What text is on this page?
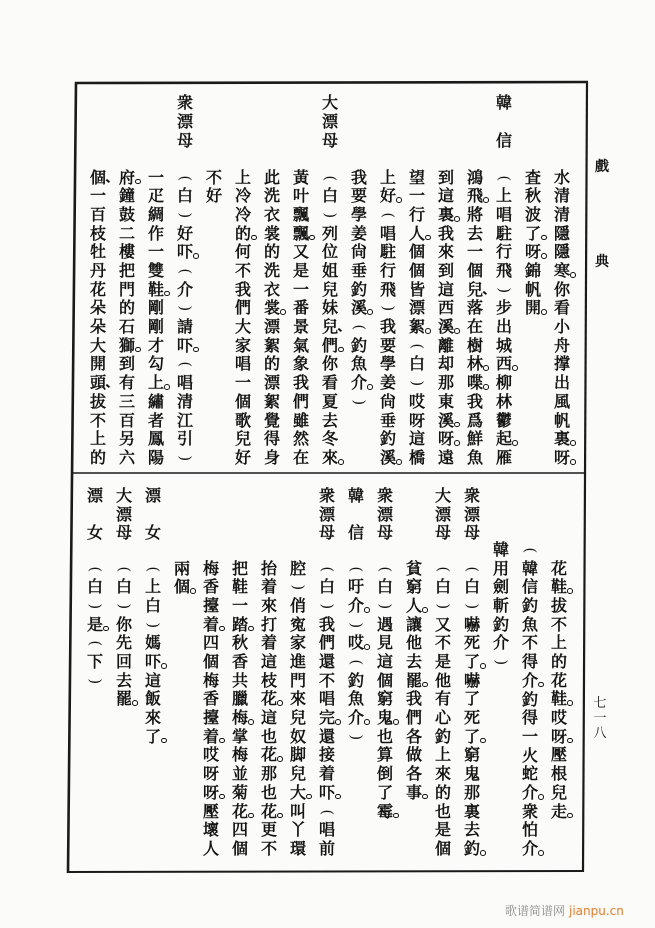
戲
典
七
一
八
韓
信
大
漂
母
衆
漂
母
水
清
清
隱
隱
寒
你
看
小
舟
撑
出
風
帆
裏
呀
査
秋
波
了
呀
錦
帆
開
(
上
唱
駐
行
飛
)
步
出
城
西
柳
林
鬱
起
雁
鴻
飛
將
去
一
個
兒
落
在
樹
林
喋
我
爲
鮮
魚
到
這
裏
我
來
到
這
西
溪
離
却
那
東
溪
呀
遠
望
一
行
人
個
個
皆
漂
絮
(
白
)
哎
呀
這
橋
上
好
(
唱
駐
行
飛
)
我
要
學
姜
尙
垂
釣
溪
我
要
學
姜
尙
垂
釣
溪
(
釣
魚
介
)
(
白
)
列
位
姐
兒
妹
兒
們
你
看
夏
去
冬
來
黃
叶
飄
飄
又
是
一
番
景
氣
象
我
們
雖
然
在
此
洗
衣
裳
的
洗
衣
裳
漂
絮
的
漂
絮
覺
得
身
上
冷
冷
的
何
不
我
們
大
家
唱
一
個
歌
兒
好
不
好
(
白
)
好
吓
(
介
)
請
吓
(
唱
清
江
引
)
一
疋
綢
作
一
雙
鞋
剛
剛
才
勾
上
繡
者
鳳
陽
府
鐘
鼓
二
樓
把
門
的
石
獅
到
有
三
百
另
六
個
一
百
枝
牡
丹
花
朵
朵
大
開
頭
拔
不
上
的
衆
漂
母
大
漂
母
衆
漂
母
韓
信
衆
漂
母
漂
女
大
漂
母
漂
女
花
鞋
拔
不
上
的
花
鞋
哎
呀
壓
根
兒
走
(
韓
信
釣
魚
不
得
介
釣
得
一
火
蛇
介
衆
怕
介
韓
用
劍
斬
釣
介
)
(
白
)
嚇
死
了
嚇
了
死
了
窮
鬼
那
裏
去
釣
(
白
)
又
不
是
他
有
心
釣
上
來
的
也
是
個
貧
窮
人
讓
他
去
罷
我
們
各
做
各
事
(
白
)
遇
見
這
個
窮
鬼
也
算
倒
了
霉
(
吁
介
)
哎
(
釣
魚
介
)
(
白
)
我
們
還
不
唱
完
還
接
着
吓
(
唱
前
腔
)
俏
寃
家
進
門
來
兒
奴
脚
兒
大
叫
丫
環
抬
着
來
打
着
這
枝
花
這
也
花
那
也
花
更
不
把
鞋
一
踏
秋
香
共
臘
梅
掌
梅
並
菊
花
四
個
梅
香
擡
着
四
個
梅
香
擡
着
哎
呀
呀
壓
壞
人
兩
個
(
上
白
)
媽
吓
這
飯
來
了
(
白
)
你
先
回
去
罷
(
白
)
是
(
下
)
歌谱简谱网 jianpu.cn
